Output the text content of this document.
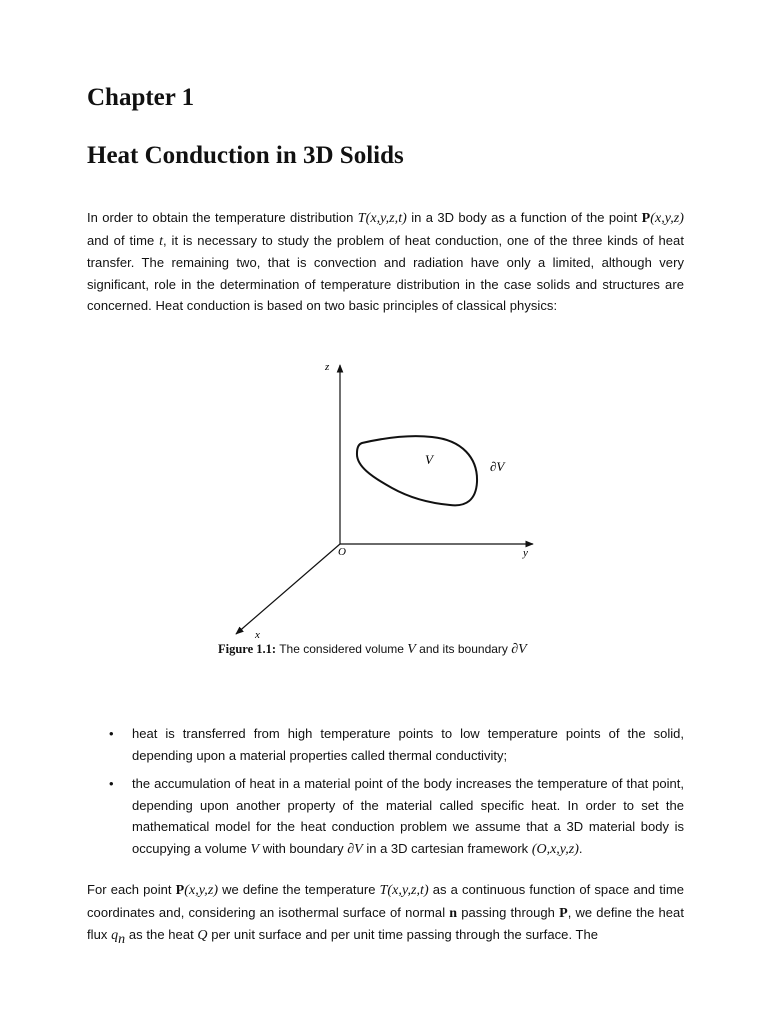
Chapter 1
Heat Conduction in 3D Solids

In order to obtain the temperature distribution T(x,y,z,t) in a 3D body as a function of the point P(x,y,z) and of time t, it is necessary to study the problem of heat conduction, one of the three kinds of heat transfer. The remaining two, that is convection and radiation have only a limited, although very significant, role in the determination of temperature distribution in the case solids and structures are concerned. Heat conduction is based on two basic principles of classical physics:

z
y
x
O
V	∂V

Figure 1.1: The considered volume V and its boundary ∂V

• heat is transferred from high temperature points to low temperature points of the solid, depending upon a material properties called thermal conductivity;
• the accumulation of heat in a material point of the body increases the temperature of that point, depending upon another property of the material called specific heat. In order to set the mathematical model for the heat conduction problem we assume that a 3D material body is occupying a volume V with boundary ∂V in a 3D cartesian framework (O,x,y,z).

For each point P(x,y,z) we define the temperature T(x,y,z,t) as a continuous function of space and time coordinates and, considering an isothermal surface of normal n passing through P, we define the heat flux $q_n$ as the heat Q per unit surface and per unit time passing through the surface. The
